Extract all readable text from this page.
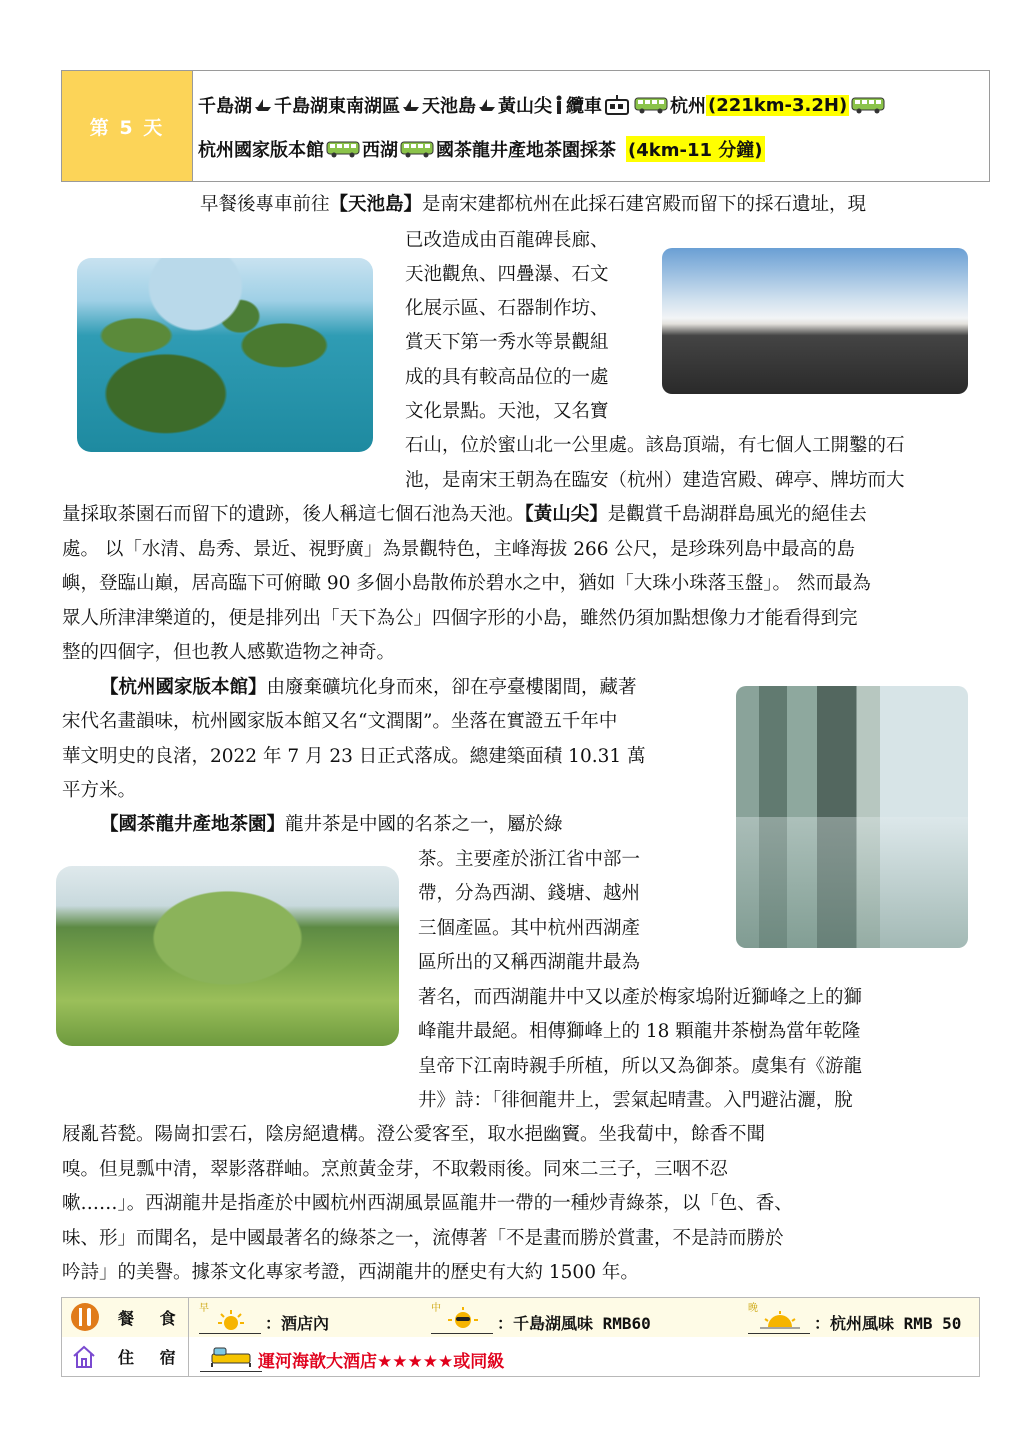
第 5 天
千島湖 千島湖東南湖區 天池島 黃山尖 纜車	杭州 (221km-3.2H)
杭州國家版本館 西湖 國茶龍井產地茶園採茶 (4km-11 分鐘)
早餐後專車前往【天池島】是南宋建都杭州在此採石建宮殿而留下的採石遺址，現
已改造成由百龍碑長廊、
天池觀魚、四疊瀑、石文
化展示區、石器制作坊、
賞天下第一秀水等景觀組
成的具有較高品位的一處
文化景點。天池，又名寶
石山，位於蜜山北一公里處。該島頂端，有七個人工開鑿的石
池，是南宋王朝為在臨安（杭州）建造宮殿、碑亭、牌坊而大
量採取茶園石而留下的遺跡，後人稱這七個石池為天池。【黃山尖】是觀賞千島湖群島風光的絕佳去
處。 以「水清、島秀、景近、視野廣」為景觀特色，主峰海拔 266 公尺，是珍珠列島中最高的島
嶼，登臨山巔，居高臨下可俯瞰 90 多個小島散佈於碧水之中，猶如「大珠小珠落玉盤」。 然而最為
眾人所津津樂道的，便是排列出「天下為公」四個字形的小島，雖然仍須加點想像力才能看得到完
整的四個字，但也教人感歎造物之神奇。
【杭州國家版本館】由廢棄礦坑化身而來，卻在亭臺樓閣間，藏著
宋代名畫韻味，杭州國家版本館又名“文潤閣”。坐落在實證五千年中
華文明史的良渚，2022 年 7 月 23 日正式落成。總建築面積 10.31 萬
平方米。
【國茶龍井產地茶園】龍井茶是中國的名茶之一，屬於綠
茶。主要產於浙江省中部一
帶，分為西湖、錢塘、越州
三個產區。其中杭州西湖產
區所出的又稱西湖龍井最為
著名，而西湖龍井中又以產於梅家塢附近獅峰之上的獅
峰龍井最絕。相傳獅峰上的 18 顆龍井茶樹為當年乾隆
皇帝下江南時親手所植，所以又為御茶。虞集有《游龍
井》詩：「徘徊龍井上，雲氣起晴晝。入門避沾灑，脫
屐亂苔甃。陽崗扣雲石，陰房絕遺構。澄公愛客至，取水挹幽竇。坐我蔔中，餘香不聞
嗅。但見瓢中清，翠影落群岫。烹煎黃金芽，不取穀雨後。同來二三子，三咽不忍
嗽……」。西湖龍井是指產於中國杭州西湖風景區龍井一帶的一種炒青綠茶，以「色、香、
味、形」而聞名，是中國最著名的綠茶之一，流傳著「不是畫而勝於賞畫，不是詩而勝於
吟詩」的美譽。據茶文化專家考證，西湖龍井的歷史有大約 1500 年。
餐 食
早
：酒店內
中
：千島湖風味 RMB60
晚
：杭州風味 RMB 50
住 宿	運河海歆大酒店★★★★★或同級
